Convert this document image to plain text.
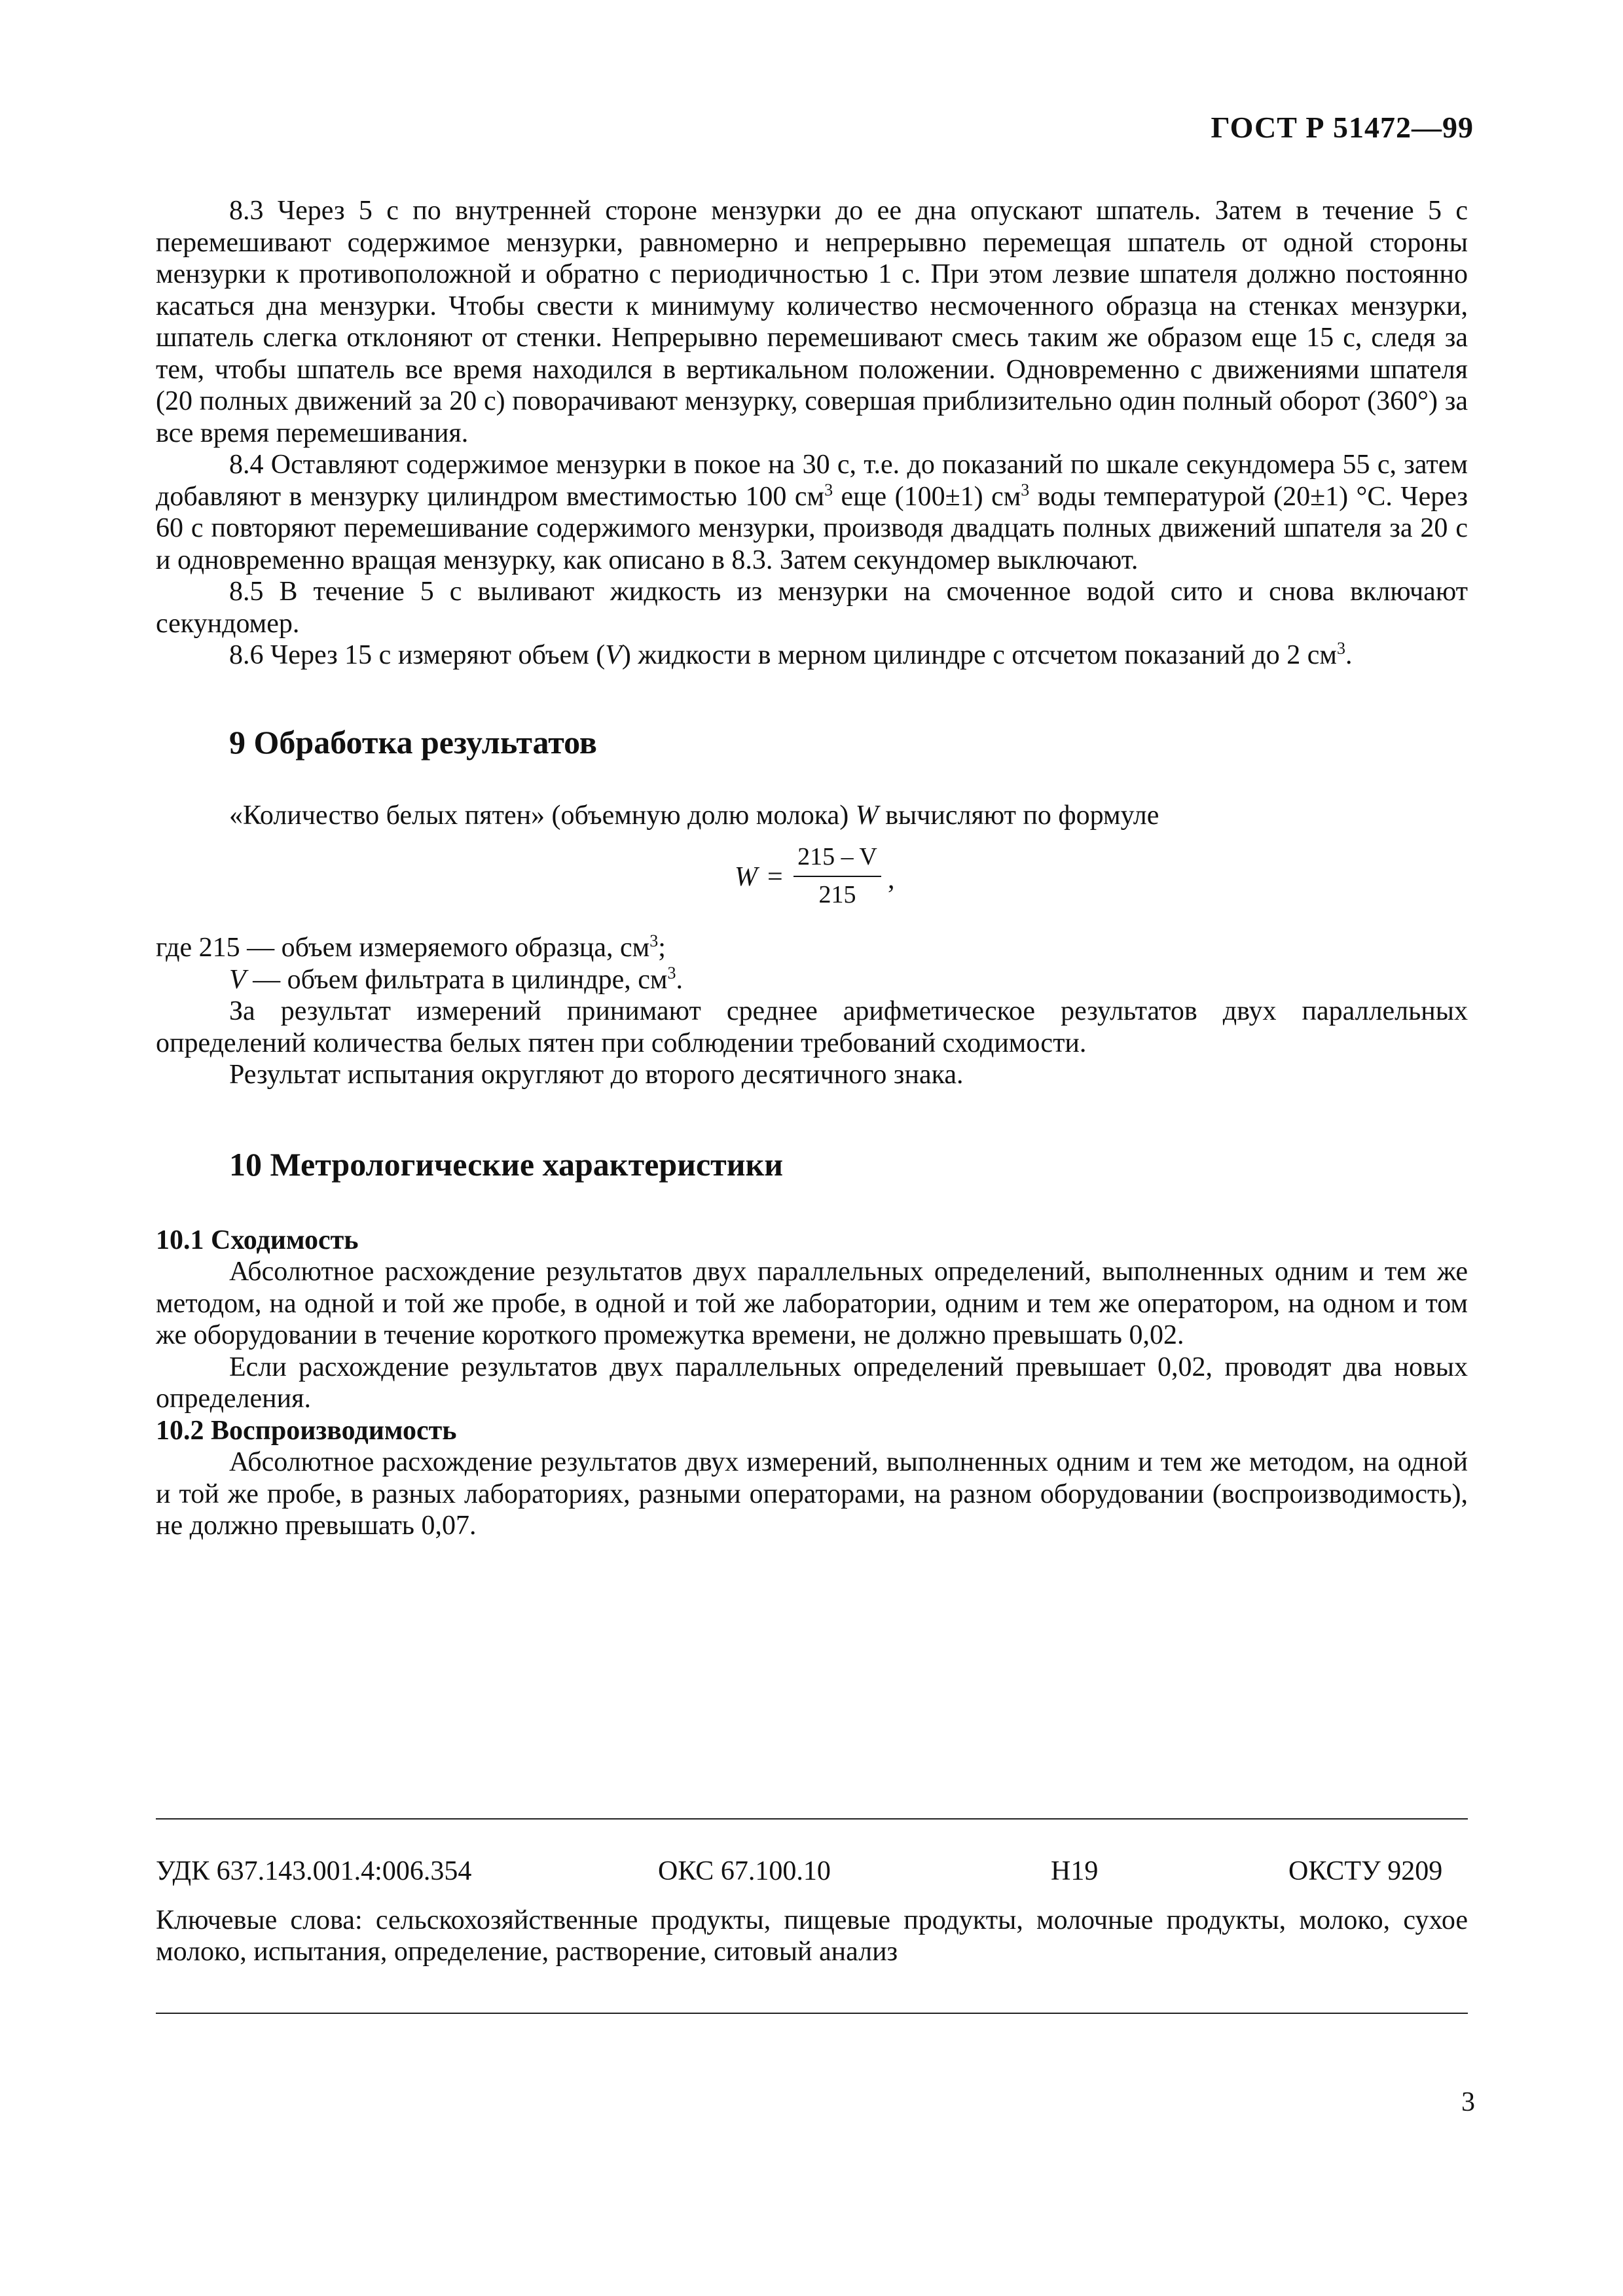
ГОСТ Р 51472—99

8.3 Через 5 с по внутренней стороне мензурки до ее дна опускают шпатель. Затем в течение 5 с перемешивают содержимое мензурки, равномерно и непрерывно перемещая шпатель от одной стороны мензурки к противоположной и обратно с периодичностью 1 с. При этом лезвие шпателя должно постоянно касаться дна мензурки. Чтобы свести к минимуму количество несмоченного образца на стенках мензурки, шпатель слегка отклоняют от стенки. Непрерывно перемешивают смесь таким же образом еще 15 с, следя за тем, чтобы шпатель все время находился в вертикальном положении. Одновременно с движениями шпателя (20 полных движений за 20 с) поворачивают мензурку, совершая приблизительно один полный оборот (360°) за все время перемешивания.

8.4 Оставляют содержимое мензурки в покое на 30 с, т.е. до показаний по шкале секундомера 55 с, затем добавляют в мензурку цилиндром вместимостью 100 $см^3$ еще (100±1) $см^3$ воды температурой (20±1) °С. Через 60 с повторяют перемешивание содержимого мензурки, производя двадцать полных движений шпателя за 20 с и одновременно вращая мензурку, как описано в 8.3. Затем секундомер выключают.

8.5 В течение 5 с выливают жидкость из мензурки на смоченное водой сито и снова включают секундомер.

8.6 Через 15 с измеряют объем (V) жидкости в мерном цилиндре с отсчетом показаний до 2 $см^3$.

9 Обработка результатов

«Количество белых пятен» (объемную долю молока) W вычисляют по формуле

$W = \frac{215 - V}{215}$ ,

где 215 — объем измеряемого образца, $см^3$;

V — объем фильтрата в цилиндре, $см^3$.

За результат измерений принимают среднее арифметическое результатов двух параллельных определений количества белых пятен при соблюдении требований сходимости.

Результат испытания округляют до второго десятичного знака.

10 Метрологические характеристики

10.1 Сходимость

Абсолютное расхождение результатов двух параллельных определений, выполненных одним и тем же методом, на одной и той же пробе, в одной и той же лаборатории, одним и тем же оператором, на одном и том же оборудовании в течение короткого промежутка времени, не должно превышать 0,02.

Если расхождение результатов двух параллельных определений превышает 0,02, проводят два новых определения.

10.2 Воспроизводимость

Абсолютное расхождение результатов двух измерений, выполненных одним и тем же методом, на одной и той же пробе, в разных лабораториях, разными операторами, на разном оборудовании (воспроизводимость), не должно превышать 0,07.

УДК 637.143.001.4:006.354	ОКС 67.100.10	Н19	ОКСТУ 9209
Ключевые слова: сельскохозяйственные продукты, пищевые продукты, молочные продукты, молоко, сухое молоко, испытания, определение, растворение, ситовый анализ
3
